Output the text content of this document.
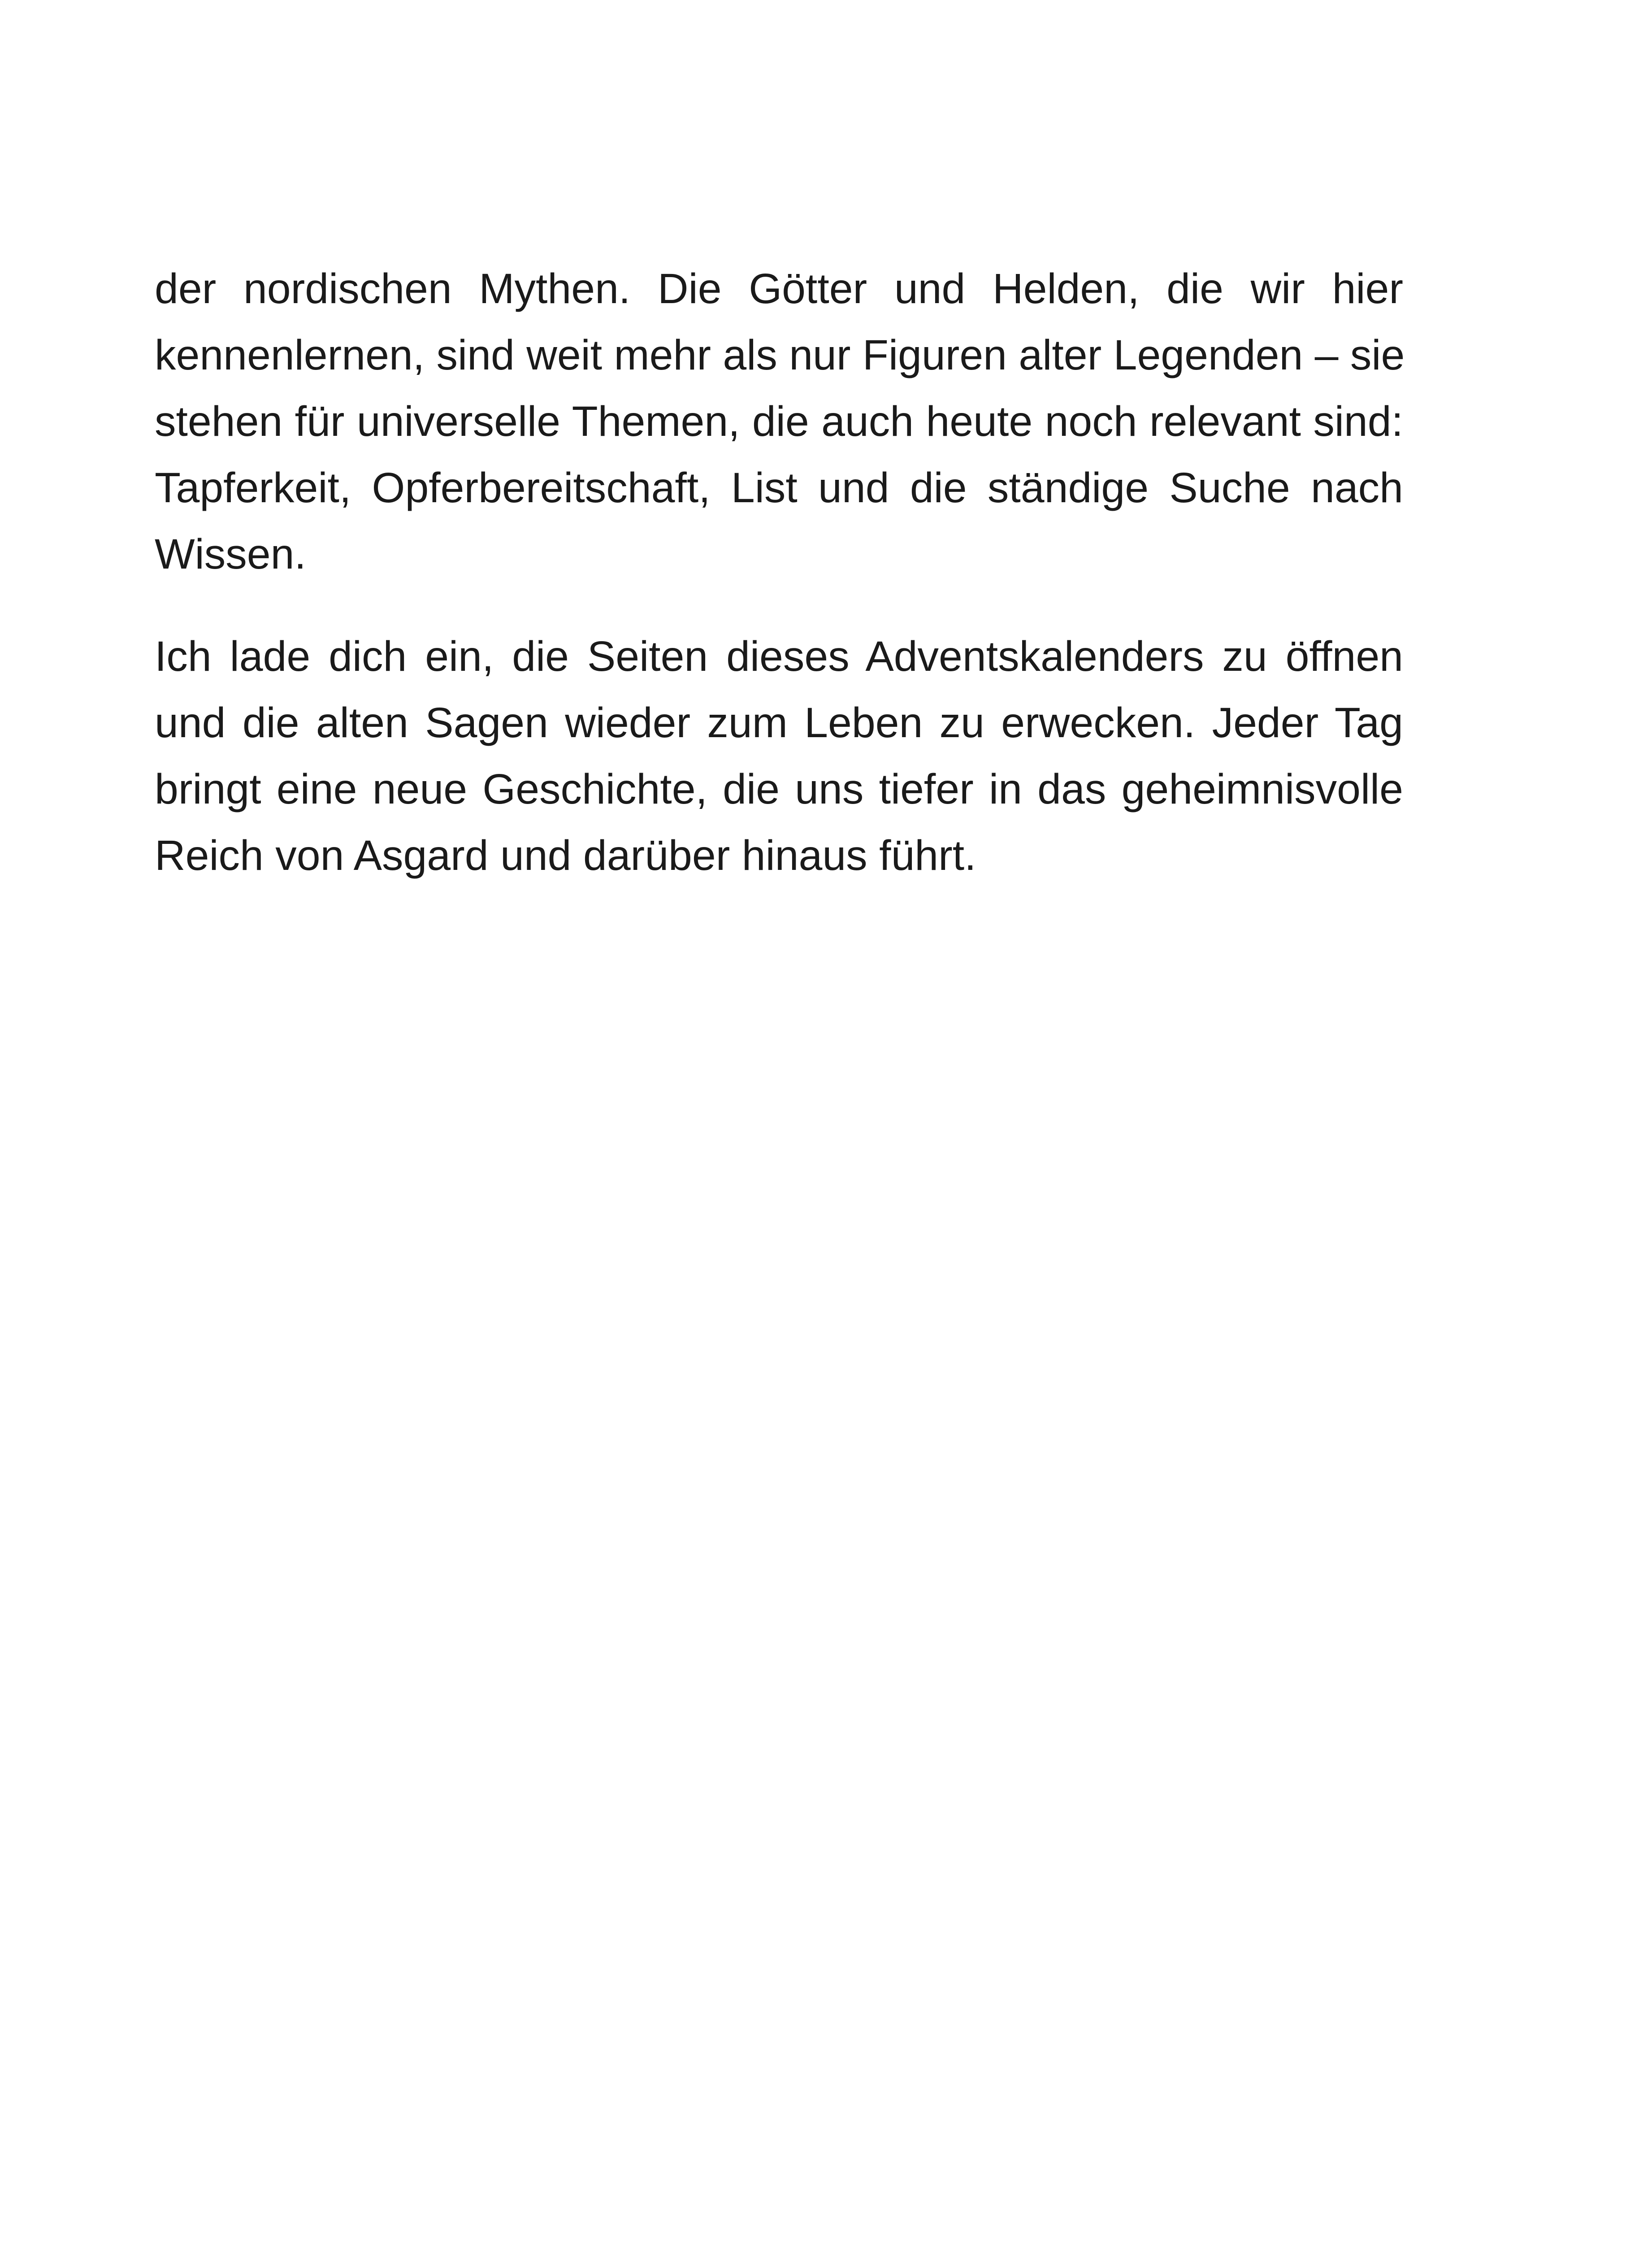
der nordischen Mythen. Die Götter und Helden, die wir hier
kennenlernen, sind weit mehr als nur Figuren alter Legenden – sie
stehen für universelle Themen, die auch heute noch relevant sind:
Tapferkeit, Opferbereitschaft, List und die ständige Suche nach
Wissen.

Ich lade dich ein, die Seiten dieses Adventskalenders zu öffnen
und die alten Sagen wieder zum Leben zu erwecken. Jeder Tag
bringt eine neue Geschichte, die uns tiefer in das geheimnisvolle
Reich von Asgard und darüber hinaus führt.
